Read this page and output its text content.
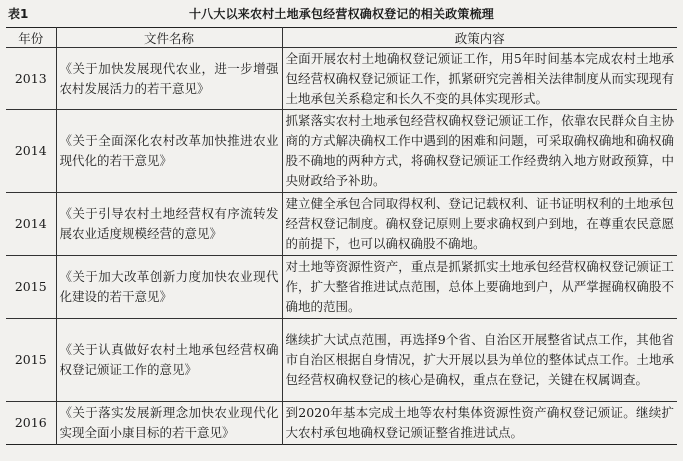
表1	十八大以来农村土地承包经营权确权登记的相关政策梳理
年份	文件名称	政策内容
2013	《关于加快发展现代农业，进一步增强农村发展活力的若干意见》	全面开展农村土地确权登记颁证工作，用5年时间基本完成农村土地承包经营权确权登记颁证工作，抓紧研究完善相关法律制度从而实现现有土地承包关系稳定和长久不变的具体实现形式。
2014	《关于全面深化农村改革加快推进农业现代化的若干意见》	抓紧落实农村土地承包经营权确权登记颁证工作，依靠农民群众自主协商的方式解决确权工作中遇到的困难和问题，可采取确权确地和确权确股不确地的两种方式，将确权登记颁证工作经费纳入地方财政预算，中央财政给予补助。
2014	《关于引导农村土地经营权有序流转发展农业适度规模经营的意见》	建立健全承包合同取得权利、登记记载权利、证书证明权利的土地承包经营权登记制度。确权登记原则上要求确权到户到地，在尊重农民意愿的前提下，也可以确权确股不确地。
2015	《关于加大改革创新力度加快农业现代化建设的若干意见》	对土地等资源性资产，重点是抓紧抓实土地承包经营权确权登记颁证工作，扩大整省推进试点范围，总体上要确地到户，从严掌握确权确股不确地的范围。
2015	《关于认真做好农村土地承包经营权确权登记颁证工作的意见》	继续扩大试点范围，再选择9个省、自治区开展整省试点工作，其他省市自治区根据自身情况，扩大开展以县为单位的整体试点工作。土地承包经营权确权登记的核心是确权，重点在登记，关键在权属调查。
2016	《关于落实发展新理念加快农业现代化实现全面小康目标的若干意见》	到2020年基本完成土地等农村集体资源性资产确权登记颁证。继续扩大农村承包地确权登记颁证整省推进试点。
